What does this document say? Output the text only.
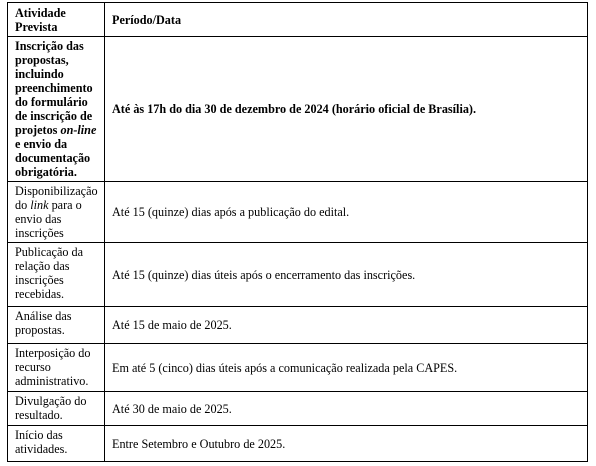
Atividade Prevista	Período/Data
Inscrição das propostas, incluindo preenchimento do formulário de inscrição de projetos on-line e envio da documentação obrigatória.	Até às 17h do dia 30 de dezembro de 2024 (horário oficial de Brasília).
Disponibilização do link para o envio das inscrições	Até 15 (quinze) dias após a publicação do edital.
Publicação da relação das inscrições recebidas.	Até 15 (quinze) dias úteis após o encerramento das inscrições.
Análise das propostas.	Até 15 de maio de 2025.
Interposição do recurso administrativo.	Em até 5 (cinco) dias úteis após a comunicação realizada pela CAPES.
Divulgação do resultado.	Até 30 de maio de 2025.
Início das atividades.	Entre Setembro e Outubro de 2025.
